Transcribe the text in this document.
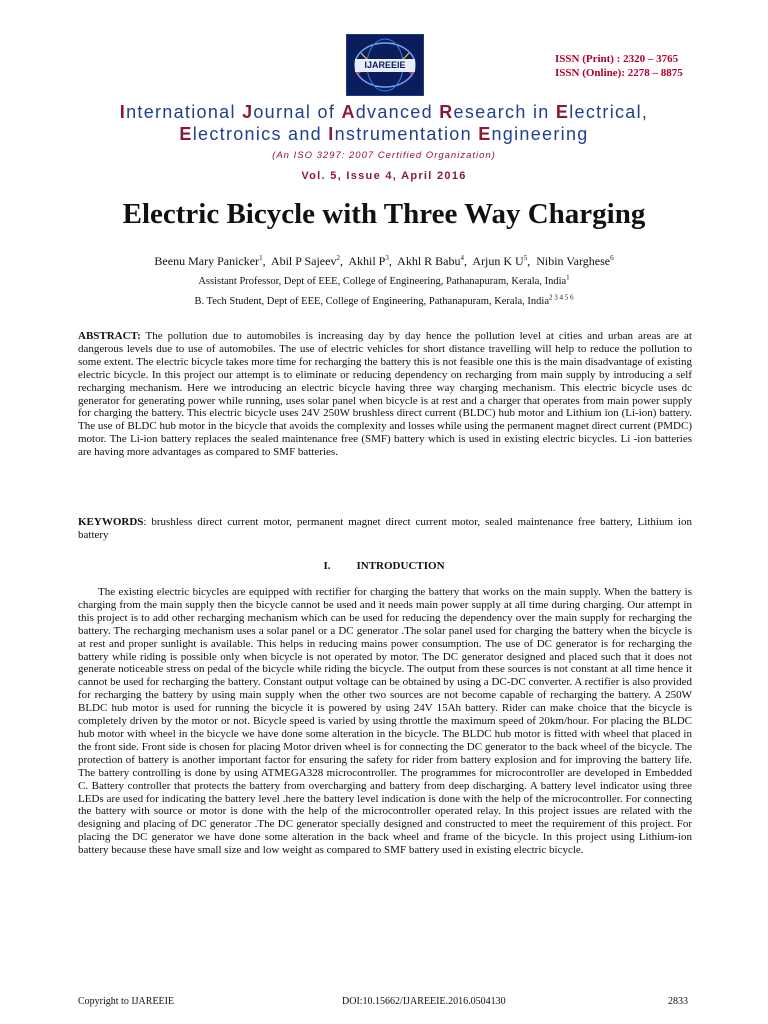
IJAREEIE	ISSN (Print) : 2320 – 3765
ISSN (Online): 2278 – 8875
International Journal of Advanced Research in Electrical,
Electronics and Instrumentation Engineering
(An ISO 3297: 2007 Certified Organization)
Vol. 5, Issue 4, April 2016
Electric Bicycle with Three Way Charging
Beenu Mary Panicker$^1$,  Abil P Sajeev$^2$,  Akhil $P^3$,  Akhl R Babu$^4$,  Arjun K $U^5$,  Nibin Varghese$^6$
Assistant Professor, Dept of EEE, College of Engineering, Pathanapuram, Kerala, India$^1$
B. Tech Student, Dept of EEE, College of Engineering, Pathanapuram, Kerala, India$^{2 3 4 5 6}$
ABSTRACT: The pollution due to automobiles is increasing day by day hence the pollution level at cities and urban areas are at dangerous levels due to use of automobiles. The use of electric vehicles for short distance travelling will help to reduce the pollution to some extent. The electric bicycle takes more time for recharging the battery this is not feasible one this is the main disadvantage of existing electric bicycle. In this project our attempt is to eliminate or reducing dependency on recharging from main supply by introducing a self recharging mechanism. Here we introducing an electric bicycle having three way charging mechanism. This electric bicycle uses dc generator for generating power while running, uses solar panel when bicycle is at rest and a charger that operates from main power supply for charging the battery. This electric bicycle uses 24V 250W brushless direct current (BLDC) hub motor and Lithium ion (Li-ion) battery. The use of BLDC hub motor in the bicycle that avoids the complexity and losses while using the permanent magnet direct current (PMDC) motor. The Li-ion battery replaces the sealed maintenance free (SMF) battery which is used in existing electric bicycles. Li -ion batteries are having more advantages as compared to SMF batteries.
KEYWORDS: brushless direct current motor, permanent magnet direct current motor, sealed maintenance free battery, Lithium ion battery
I. INTRODUCTION
The existing electric bicycles are equipped with rectifier for charging the battery that works on the main supply. When the battery is charging from the main supply then the bicycle cannot be used and it needs main power supply at all time during charging. Our attempt in this project is to add other recharging mechanism which can be used for reducing the dependency over the main supply for recharging the battery. The recharging mechanism uses a solar panel or a DC generator .The solar panel used for charging the battery when the bicycle is at rest and proper sunlight is available. This helps in reducing mains power consumption. The use of DC generator is for recharging the battery while riding is possible only when bicycle is not operated by motor. The DC generator designed and placed such that it does not generate noticeable stress on pedal of the bicycle while riding the bicycle. The output from these sources is not constant at all time hence it cannot be used for recharging the battery. Constant output voltage can be obtained by using a DC-DC converter. A rectifier is also provided for recharging the battery by using main supply when the other two sources are not become capable of recharging the battery. A 250W BLDC hub motor is used for running the bicycle it is powered by using 24V 15Ah battery. Rider can make choice that the bicycle is completely driven by the motor or not. Bicycle speed is varied by using throttle the maximum speed of 20km/hour. For placing the BLDC hub motor with wheel in the bicycle we have done some alteration in the bicycle. The BLDC hub motor is fitted with wheel that placed in the front side. Front side is chosen for placing Motor driven wheel is for connecting the DC generator to the back wheel of the bicycle. The protection of battery is another important factor for ensuring the safety for rider from battery explosion and for improving the battery life. The battery controlling is done by using ATMEGA328 microcontroller. The programmes for microcontroller are developed in Embedded C. Battery controller that protects the battery from overcharging and battery from deep discharging. A battery level indicator using three LEDs are used for indicating the battery level .here the battery level indication is done with the help of the microcontroller. For connecting the battery with source or motor is done with the help of the microcontroller operated relay. In this project issues are related with the designing and placing of DC generator .The DC generator specially designed and constructed to meet the requirement of this project. For placing the DC generator we have done some alteration in the back wheel and frame of the bicycle. In this project using Lithium-ion battery because these have small size and low weight as compared to SMF battery used in existing electric bicycle.
Copyright to IJAREEIE	DOI:10.15662/IJAREEIE.2016.0504130	2833
